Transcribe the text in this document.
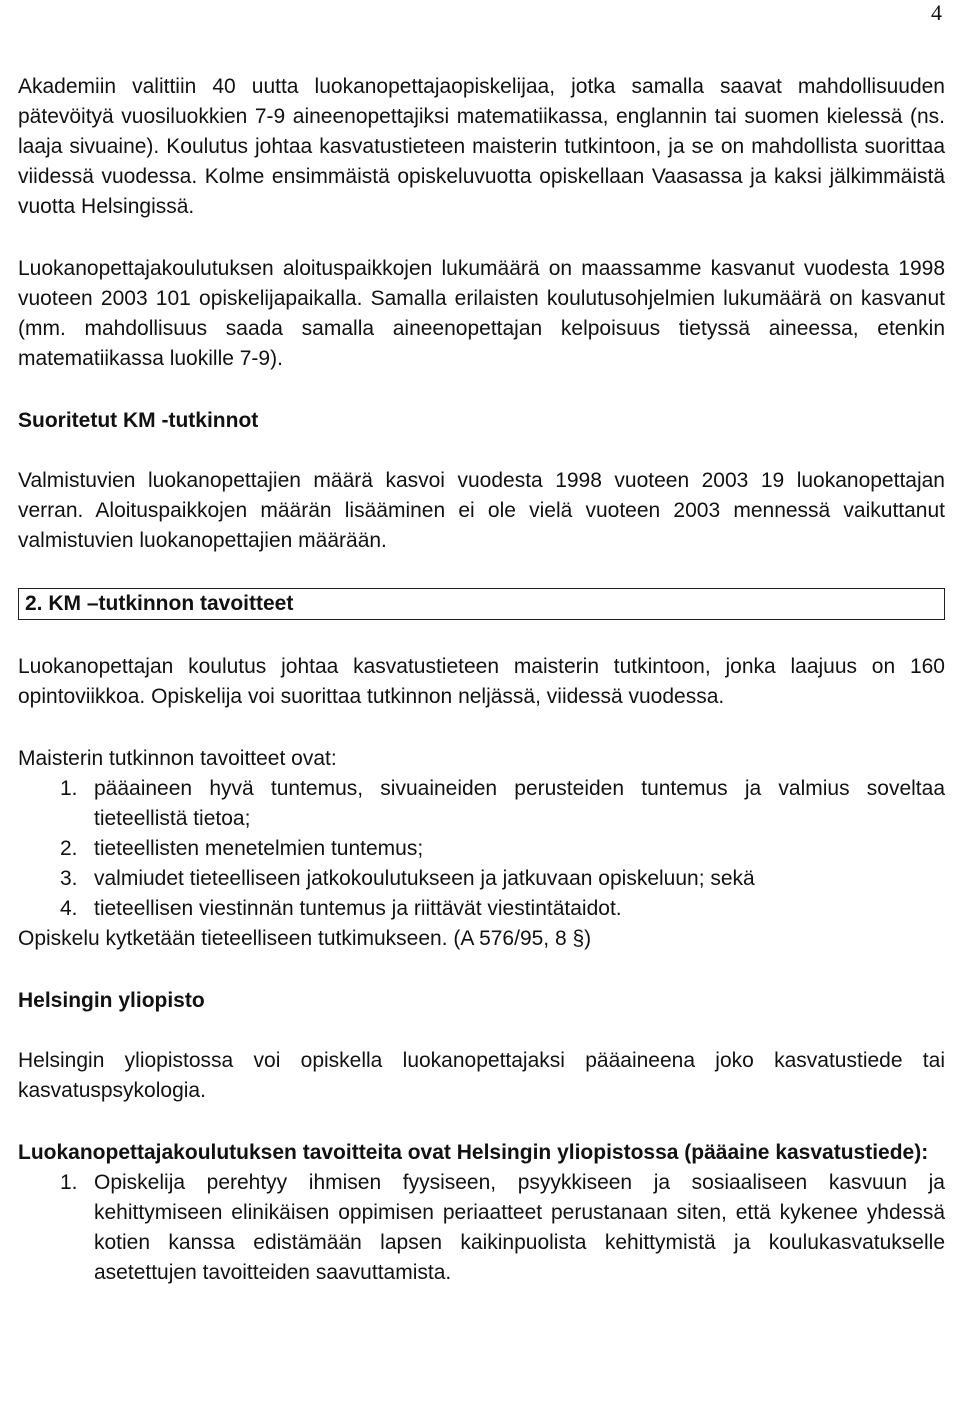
4

Akademiin valittiin 40 uutta luokanopettajaopiskelijaa, jotka samalla saavat mahdollisuuden pätevöityä vuosiluokkien 7-9 aineenopettajiksi matematiikassa, englannin tai suomen kielessä (ns. laaja sivuaine). Koulutus johtaa kasvatustieteen maisterin tutkintoon, ja se on mahdollista suorittaa viidessä vuodessa. Kolme ensimmäistä opiskeluvuotta opiskellaan Vaasassa ja kaksi jälkimmäistä vuotta Helsingissä.

Luokanopettajakoulutuksen aloituspaikkojen lukumäärä on maassamme kasvanut vuodesta 1998 vuoteen 2003 101 opiskelijapaikalla. Samalla erilaisten koulutusohjelmien lukumäärä on kasvanut (mm. mahdollisuus saada samalla aineenopettajan kelpoisuus tietyssä aineessa, etenkin matematiikassa luokille 7-9).

Suoritetut KM -tutkinnot

Valmistuvien luokanopettajien määrä kasvoi vuodesta 1998 vuoteen 2003 19 luokanopettajan verran. Aloituspaikkojen määrän lisääminen ei ole vielä vuoteen 2003 mennessä vaikuttanut valmistuvien luokanopettajien määrään.

2. KM –tutkinnon tavoitteet

Luokanopettajan koulutus johtaa kasvatustieteen maisterin tutkintoon, jonka laajuus on 160 opintoviikkoa. Opiskelija voi suorittaa tutkinnon neljässä, viidessä vuodessa.

Maisterin tutkinnon tavoitteet ovat:

1. pääaineen hyvä tuntemus, sivuaineiden perusteiden tuntemus ja valmius soveltaa tieteellistä tietoa;
2. tieteellisten menetelmien tuntemus;
3. valmiudet tieteelliseen jatkokoulutukseen ja jatkuvaan opiskeluun; sekä
4. tieteellisen viestinnän tuntemus ja riittävät viestintätaidot.

Opiskelu kytketään tieteelliseen tutkimukseen. (A 576/95, 8 §)

Helsingin yliopisto

Helsingin yliopistossa voi opiskella luokanopettajaksi pääaineena joko kasvatustiede tai kasvatuspsykologia.

Luokanopettajakoulutuksen tavoitteita ovat Helsingin yliopistossa (pääaine kasvatustiede):
1. Opiskelija perehtyy ihmisen fyysiseen, psyykkiseen ja sosiaaliseen kasvuun ja kehittymiseen elinikäisen oppimisen periaatteet perustanaan siten, että kykenee yhdessä kotien kanssa edistämään lapsen kaikinpuolista kehittymistä ja koulukasvatukselle asetettujen tavoitteiden saavuttamista.
